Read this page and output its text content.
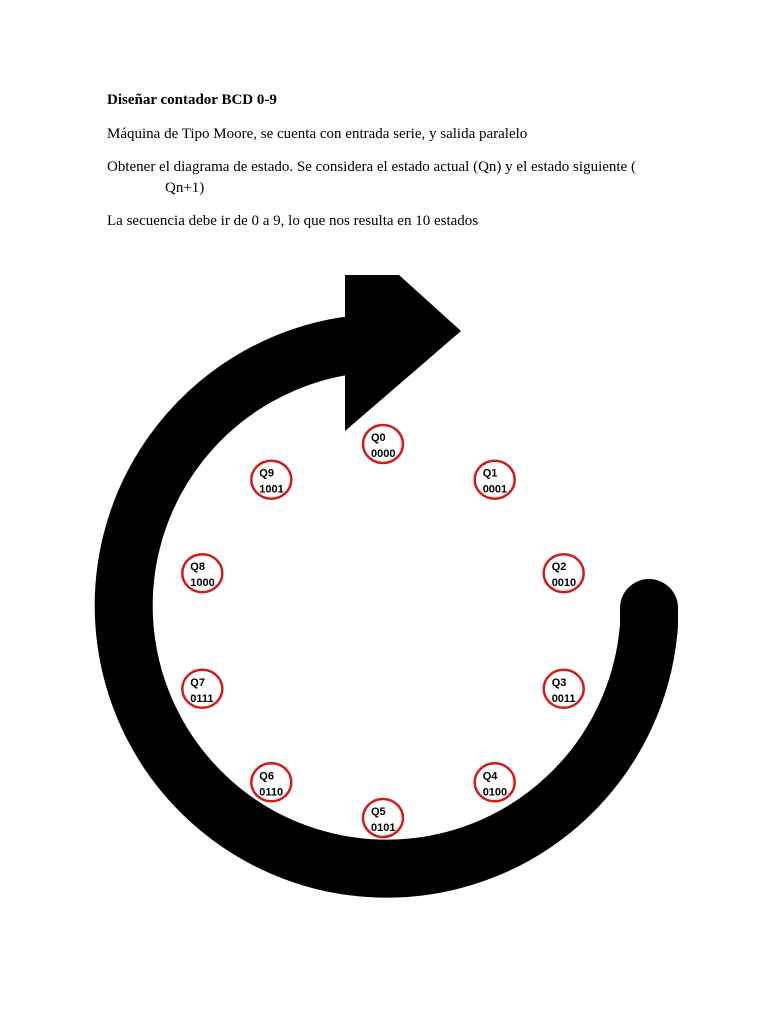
Diseñar contador BCD 0-9

Máquina de Tipo Moore, se cuenta con entrada serie, y salida paralelo

Obtener el diagrama de estado. Se considera el estado actual (Qn) y el estado siguiente (
Qn+1)

La secuencia debe ir de 0 a 9, lo que nos resulta en 10 estados

Q0
0000
Q1
0001
Q2
0010
Q3
0011
Q4
0100
Q5
0101
Q6
0110
Q7
0111
Q8
1000
Q9
1001
